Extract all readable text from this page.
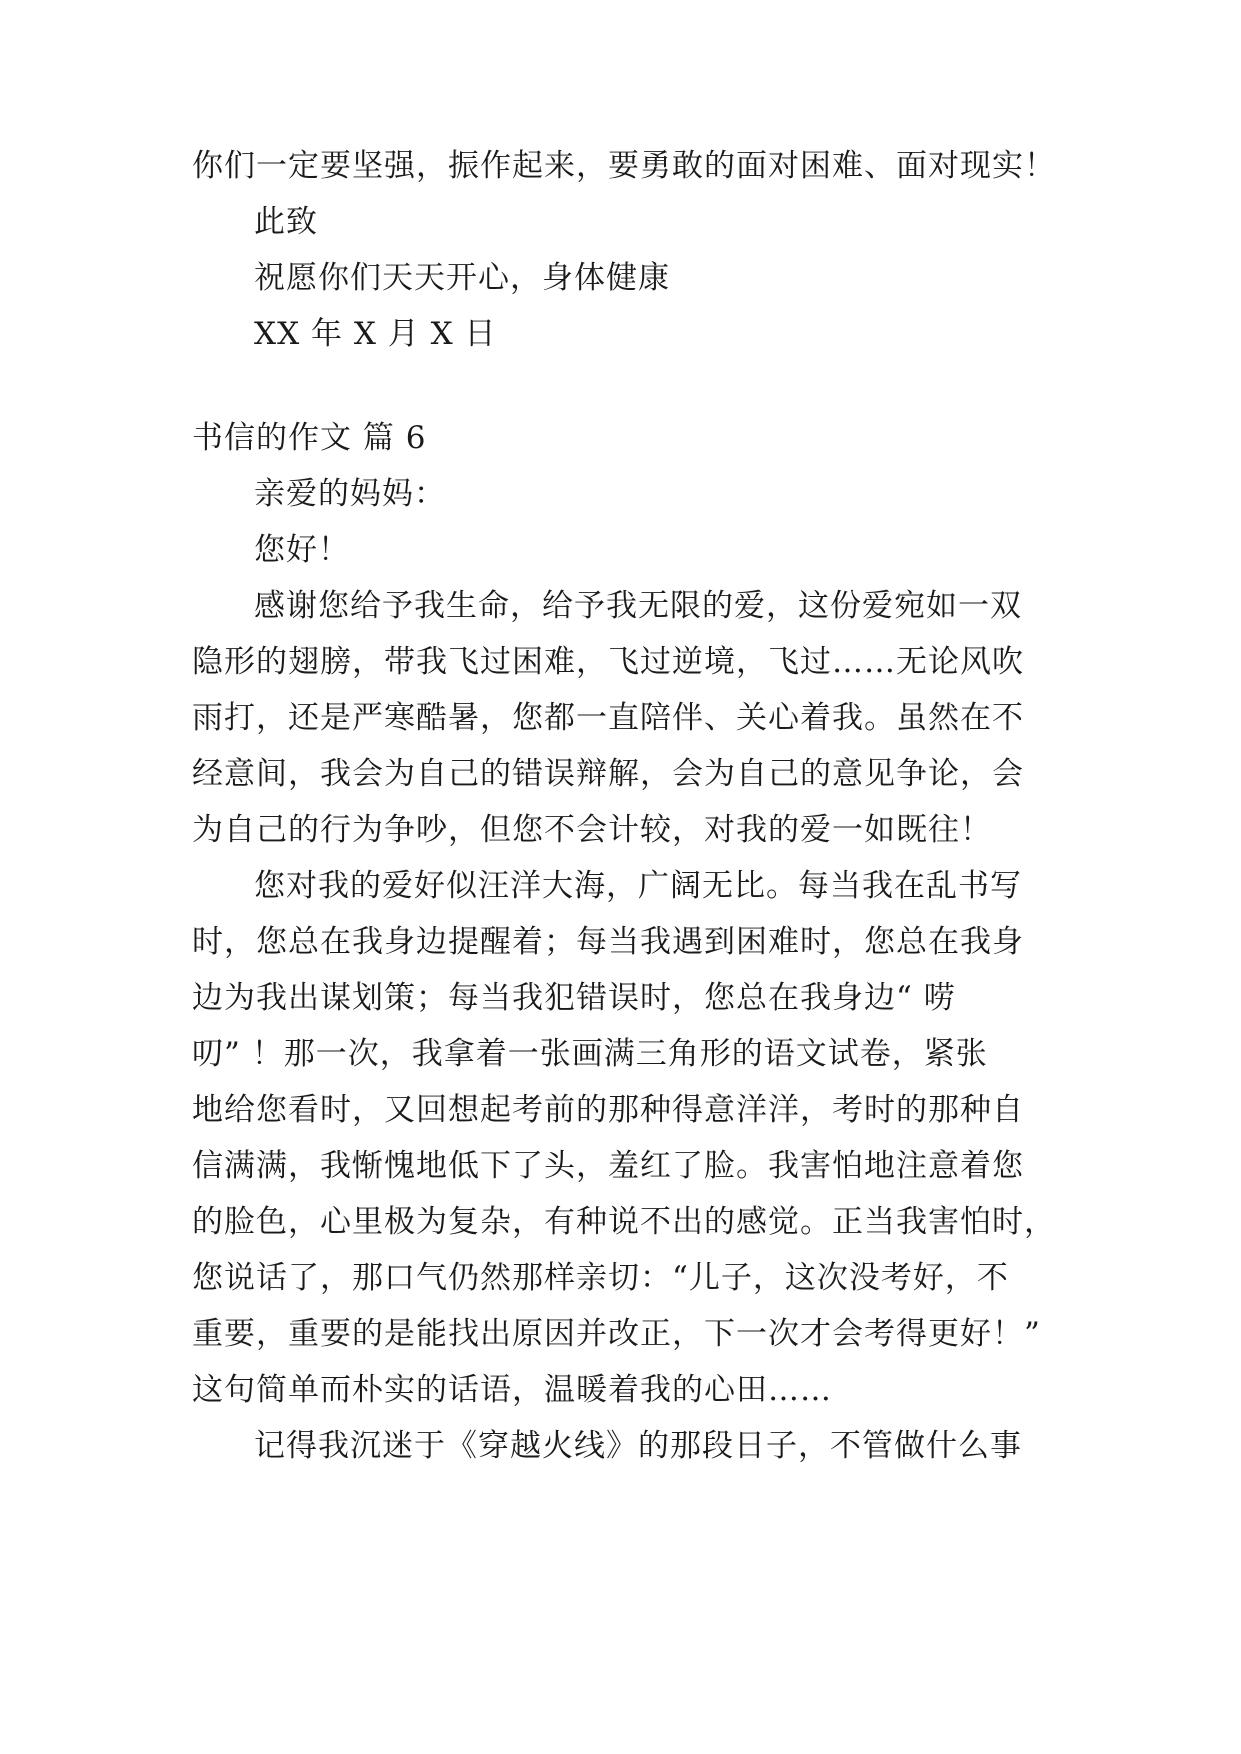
你们一定要坚强，振作起来，要勇敢的面对困难、面对现实！
此致
祝愿你们天天开心，身体健康
XX 年 X 月 X 日
书信的作文 篇 6
亲爱的妈妈：
您好！
感谢您给予我生命，给予我无限的爱，这份爱宛如一双
隐形的翅膀，带我飞过困难，飞过逆境，飞过……无论风吹
雨打，还是严寒酷暑，您都一直陪伴、关心着我。虽然在不
经意间，我会为自己的错误辩解，会为自己的意见争论，会
为自己的行为争吵，但您不会计较，对我的爱一如既往！
您对我的爱好似汪洋大海，广阔无比。每当我在乱书写
时，您总在我身边提醒着；每当我遇到困难时，您总在我身
边为我出谋划策；每当我犯错误时，您总在我身边“ 唠
叨” ！那一次，我拿着一张画满三角形的语文试卷，紧张
地给您看时，又回想起考前的那种得意洋洋，考时的那种自
信满满，我惭愧地低下了头，羞红了脸。我害怕地注意着您
的脸色，心里极为复杂，有种说不出的感觉。正当我害怕时，
您说话了，那口气仍然那样亲切：“儿子，这次没考好，不
重要，重要的是能找出原因并改正，下一次才会考得更好！”
这句简单而朴实的话语，温暖着我的心田……
记得我沉迷于《穿越火线》的那段日子，不管做什么事
